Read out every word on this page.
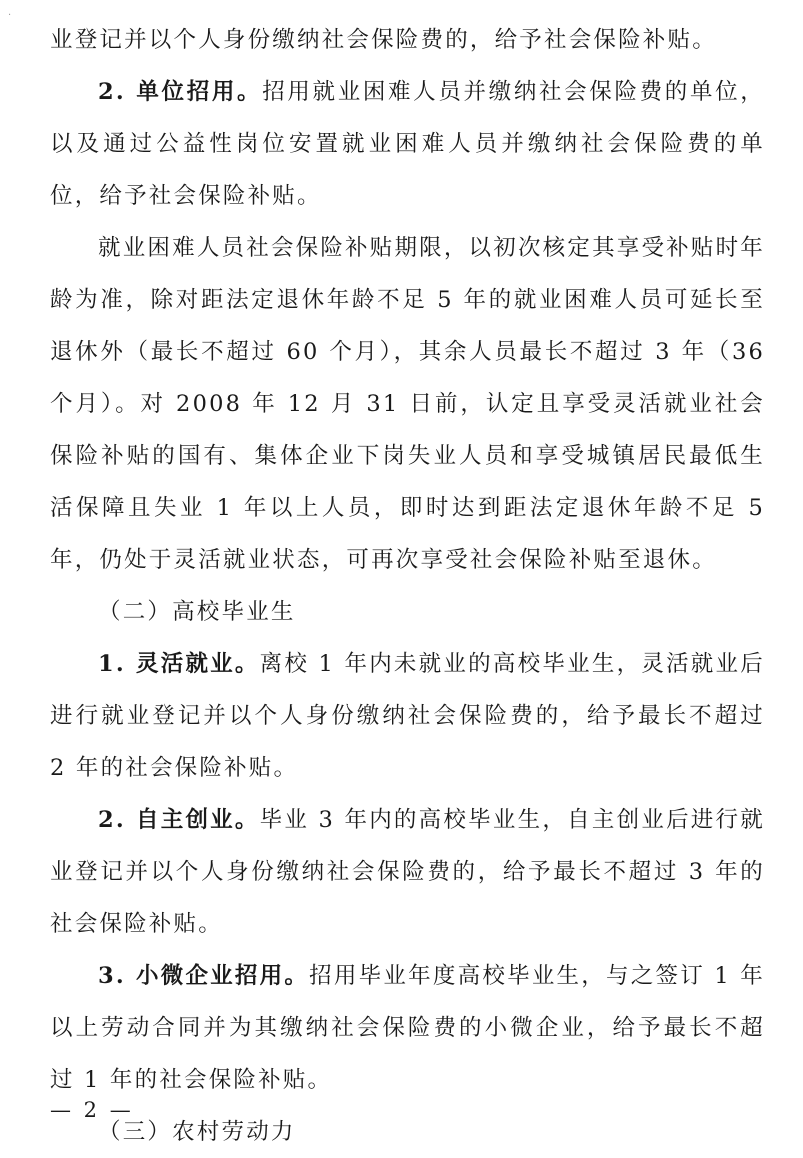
·

业登记并以个人身份缴纳社会保险费的，给予社会保险补贴。

2. 单位招用。招用就业困难人员并缴纳社会保险费的单位，以及通过公益性岗位安置就业困难人员并缴纳社会保险费的单位，给予社会保险补贴。

就业困难人员社会保险补贴期限，以初次核定其享受补贴时年龄为准，除对距法定退休年龄不足 5 年的就业困难人员可延长至退休外（最长不超过 60 个月），其余人员最长不超过 3 年（36 个月）。对 2008 年 12 月 31 日前，认定且享受灵活就业社会保险补贴的国有、集体企业下岗失业人员和享受城镇居民最低生活保障且失业 1 年以上人员，即时达到距法定退休年龄不足 5 年，仍处于灵活就业状态，可再次享受社会保险补贴至退休。

（二）高校毕业生

1. 灵活就业。离校 1 年内未就业的高校毕业生，灵活就业后进行就业登记并以个人身份缴纳社会保险费的，给予最长不超过 2 年的社会保险补贴。

2. 自主创业。毕业 3 年内的高校毕业生，自主创业后进行就业登记并以个人身份缴纳社会保险费的，给予最长不超过 3 年的社会保险补贴。

3. 小微企业招用。招用毕业年度高校毕业生，与之签订 1 年以上劳动合同并为其缴纳社会保险费的小微企业，给予最长不超过 1 年的社会保险补贴。

（三）农村劳动力

— 2 —
